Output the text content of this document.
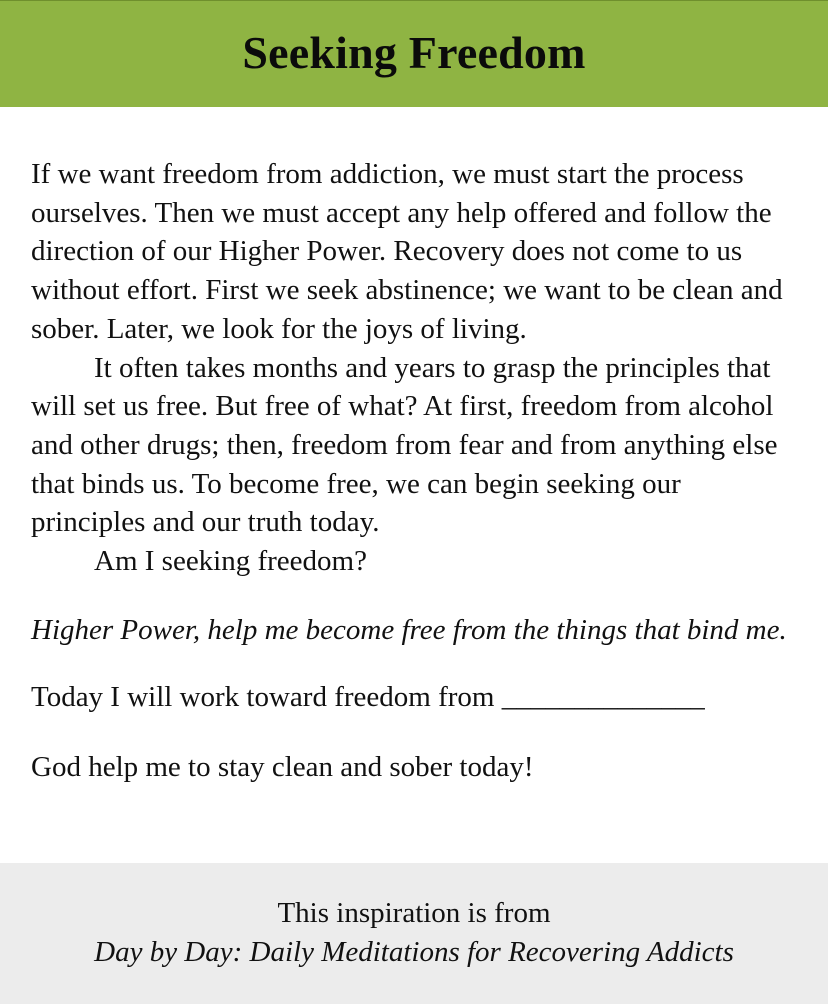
Seeking Freedom

If we want freedom from addiction, we must start the process ourselves. Then we must accept any help offered and follow the direction of our Higher Power. Recovery does not come to us without effort. First we seek abstinence; we want to be clean and sober. Later, we look for the joys of living.

It often takes months and years to grasp the principles that will set us free. But free of what? At first, freedom from alcohol and other drugs; then, freedom from fear and from anything else that binds us. To become free, we can begin seeking our principles and our truth today.

Am I seeking freedom?

Higher Power, help me become free from the things that bind me.

Today I will work toward freedom from ______________

God help me to stay clean and sober today!

This inspiration is from
Day by Day: Daily Meditations for Recovering Addicts
